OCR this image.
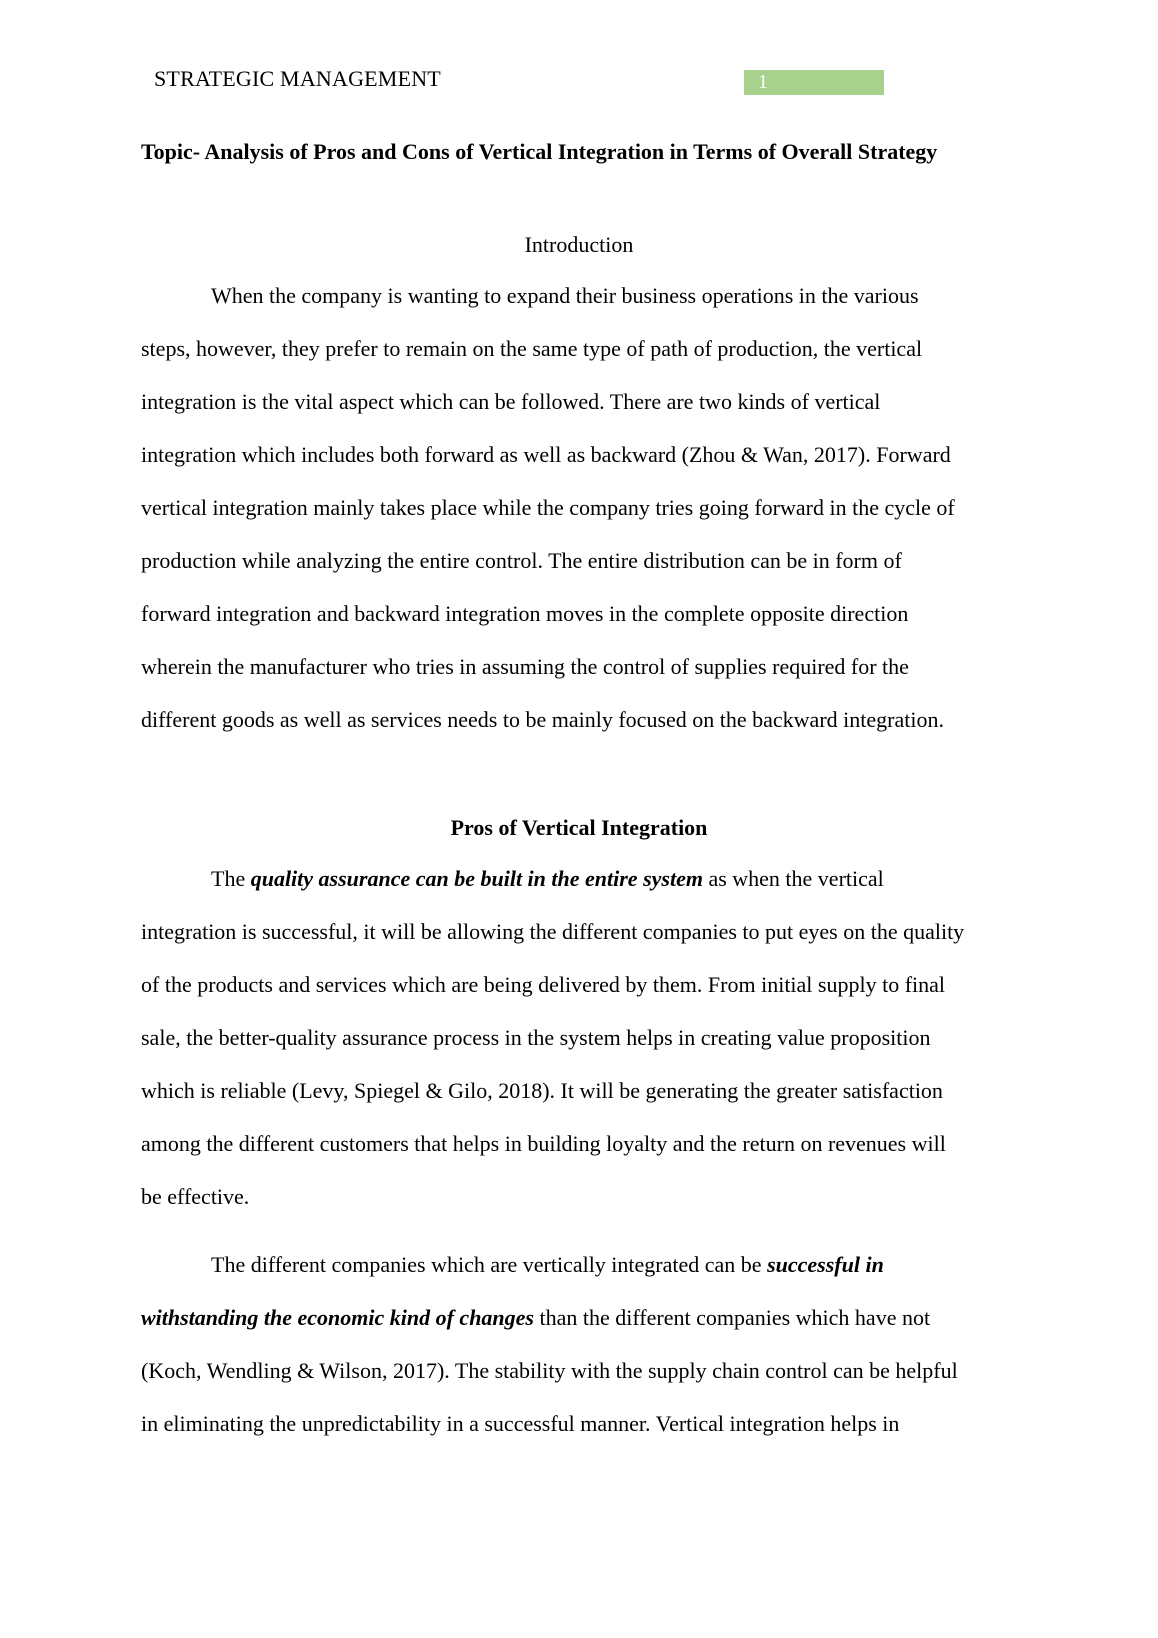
STRATEGIC MANAGEMENT	1
Topic- Analysis of Pros and Cons of Vertical Integration in Terms of Overall Strategy
Introduction
When the company is wanting to expand their business operations in the various
steps, however, they prefer to remain on the same type of path of production, the vertical
integration is the vital aspect which can be followed. There are two kinds of vertical
integration which includes both forward as well as backward (Zhou & Wan, 2017). Forward
vertical integration mainly takes place while the company tries going forward in the cycle of
production while analyzing the entire control. The entire distribution can be in form of
forward integration and backward integration moves in the complete opposite direction
wherein the manufacturer who tries in assuming the control of supplies required for the
different goods as well as services needs to be mainly focused on the backward integration.
Pros of Vertical Integration
The quality assurance can be built in the entire system as when the vertical
integration is successful, it will be allowing the different companies to put eyes on the quality
of the products and services which are being delivered by them. From initial supply to final
sale, the better-quality assurance process in the system helps in creating value proposition
which is reliable (Levy, Spiegel & Gilo, 2018). It will be generating the greater satisfaction
among the different customers that helps in building loyalty and the return on revenues will
be effective.
The different companies which are vertically integrated can be successful in
withstanding the economic kind of changes than the different companies which have not
(Koch, Wendling & Wilson, 2017). The stability with the supply chain control can be helpful
in eliminating the unpredictability in a successful manner. Vertical integration helps in
